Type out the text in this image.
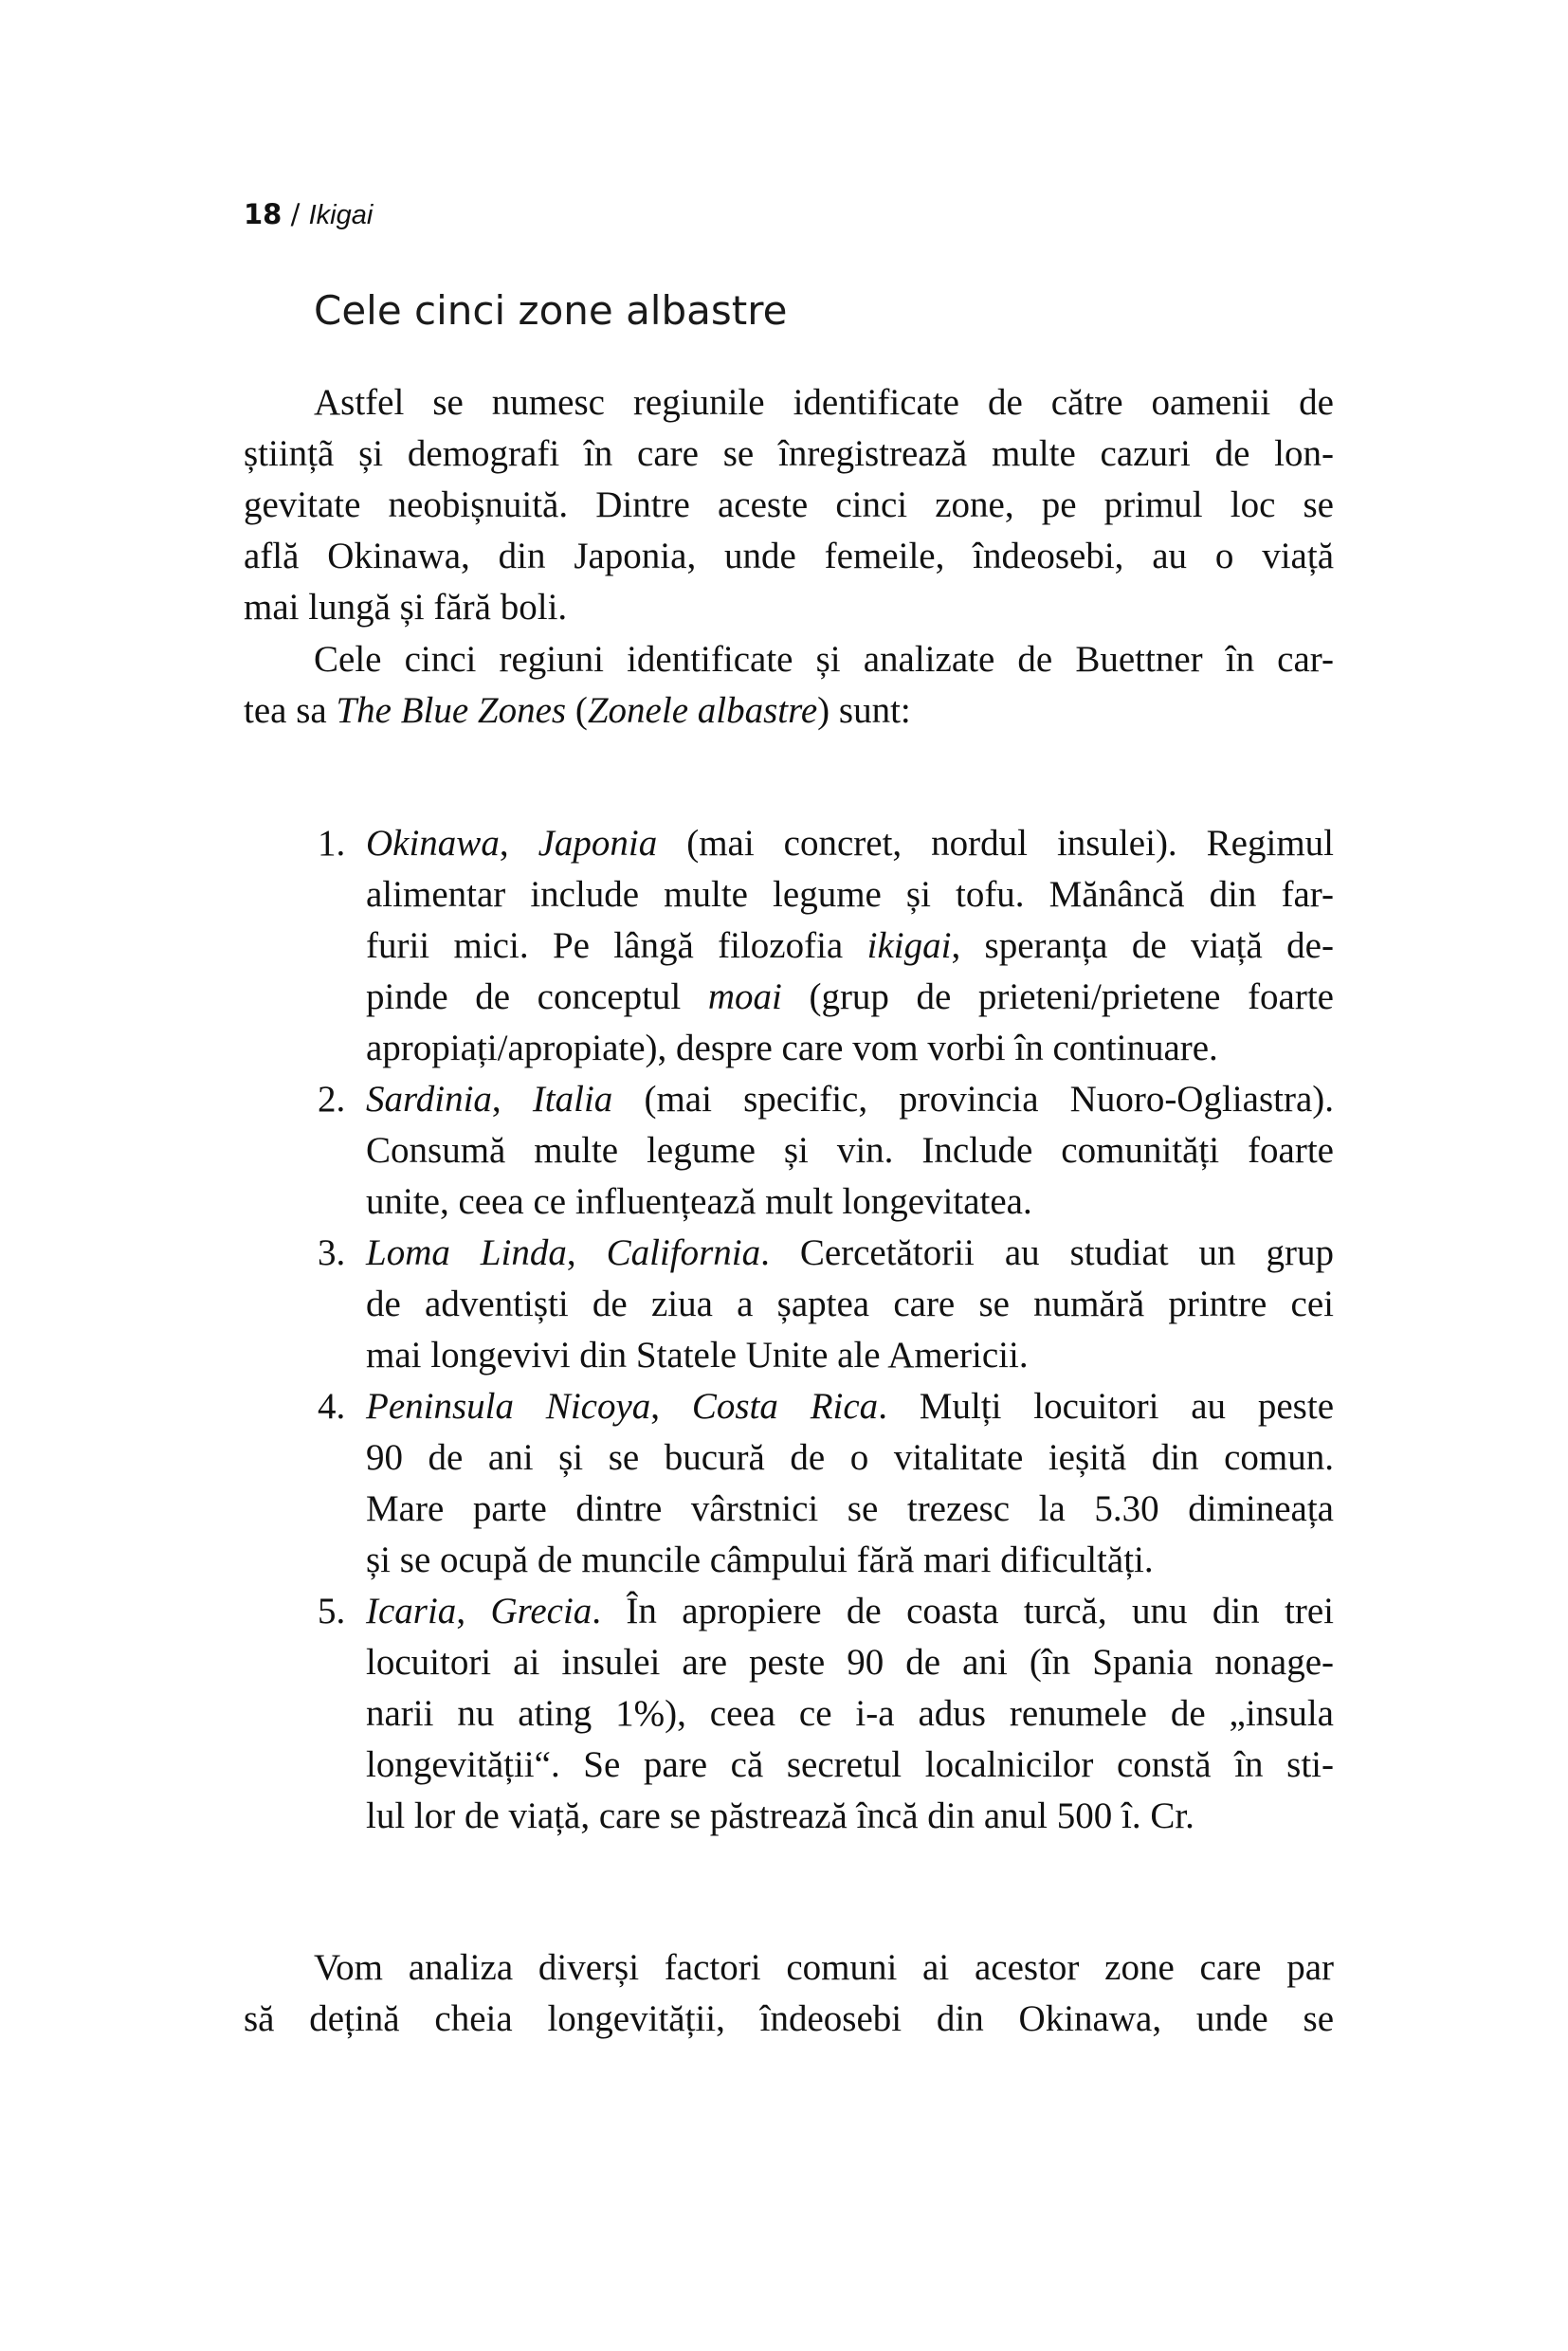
18 / Ikigai
Cele cinci zone albastre
Astfel se numesc regiunile identificate de către oamenii de
științã și demografi în care se înregistrează multe cazuri de lon-
gevitate neobișnuită. Dintre aceste cinci zone, pe primul loc se
află Okinawa, din Japonia, unde femeile, îndeosebi, au o viață
mai lungă și fără boli.
Cele cinci regiuni identificate și analizate de Buettner în car-
tea sa The Blue Zones (Zonele albastre) sunt:
1. Okinawa, Japonia (mai concret, nordul insulei). Regimul
alimentar include multe legume și tofu. Mănâncă din far-
furii mici. Pe lângă filozofia ikigai, speranța de viață de-
pinde de conceptul moai (grup de prieteni/prietene foarte
apropiați/apropiate), despre care vom vorbi în continuare.
2. Sardinia, Italia (mai specific, provincia Nuoro-Ogliastra).
Consumă multe legume și vin. Include comunități foarte
unite, ceea ce influențează mult longevitatea.
3. Loma Linda, California. Cercetătorii au studiat un grup
de adventiști de ziua a șaptea care se numără printre cei
mai longevivi din Statele Unite ale Americii.
4. Peninsula Nicoya, Costa Rica. Mulți locuitori au peste
90 de ani și se bucură de o vitalitate ieșită din comun.
Mare parte dintre vârstnici se trezesc la 5.30 dimineața
și se ocupă de muncile câmpului fără mari dificultăți.
5. Icaria, Grecia. În apropiere de coasta turcă, unu din trei
locuitori ai insulei are peste 90 de ani (în Spania nonage-
narii nu ating 1%), ceea ce i-a adus renumele de „insula
longevității“. Se pare că secretul localnicilor constă în sti-
lul lor de viață, care se păstrează încă din anul 500 î. Cr.
Vom analiza diverși factori comuni ai acestor zone care par
să dețină cheia longevității, îndeosebi din Okinawa, unde se
